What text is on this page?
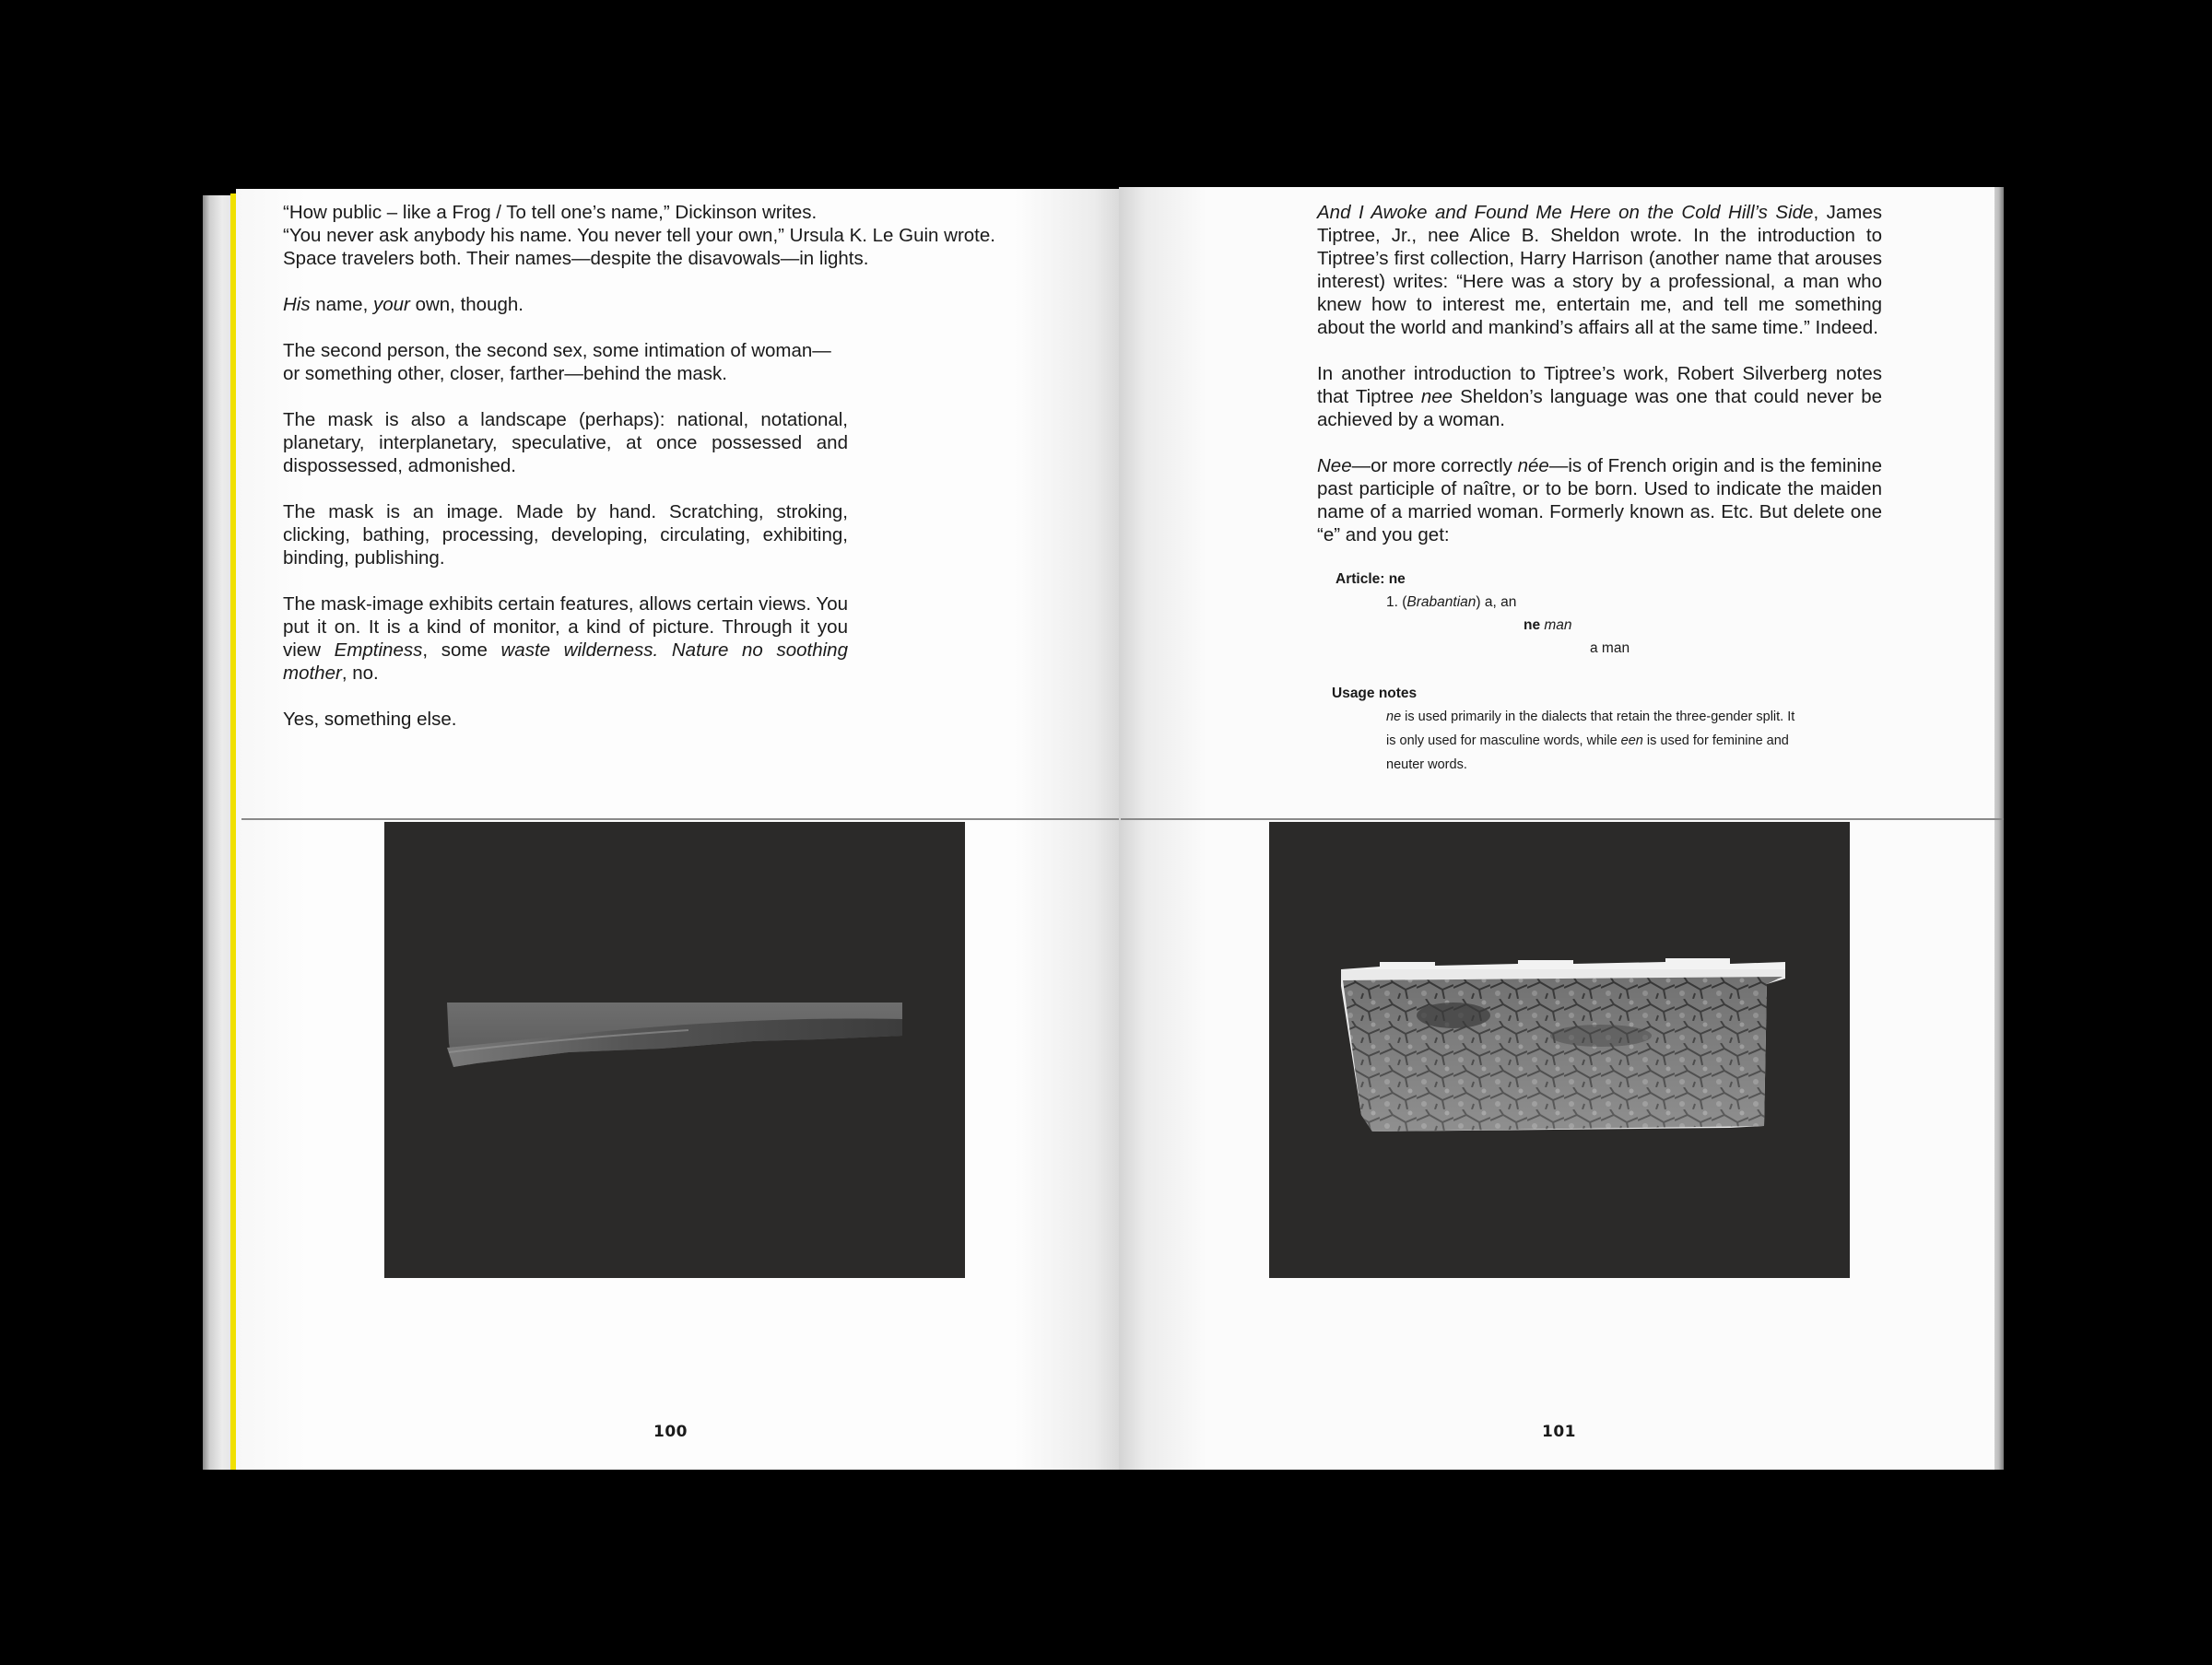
“How public – like a Frog / To tell one’s name,” Dickinson writes.
“You never ask anybody his name. You never tell your own,” Ursula K. Le Guin wrote.
Space travelers both. Their names—despite the disavowals—in lights.

His name, your own, though.

The second person, the second sex, some intimation of woman—or something other, closer, farther—behind the mask.

The mask is also a landscape (perhaps): national, notational, planetary, interplanetary, speculative, at once possessed and dispossessed, admonished.

The mask is an image. Made by hand. Scratching, stroking, clicking, bathing, processing, developing, circulating, exhibiting, binding, publishing.

The mask-image exhibits certain features, allows certain views. You put it on. It is a kind of monitor, a kind of picture. Through it you view Emptiness, some waste wilderness. Nature no soothing mother, no.

Yes, something else.

100

And I Awoke and Found Me Here on the Cold Hill’s Side, James Tiptree, Jr., nee Alice B. Sheldon wrote. In the introduction to Tiptree’s first collection, Harry Harrison (another name that arouses interest) writes: “Here was a story by a professional, a man who knew how to interest me, entertain me, and tell me something about the world and mankind’s affairs all at the same time.” Indeed.

In another introduction to Tiptree’s work, Robert Silverberg notes that Tiptree nee Sheldon’s language was one that could never be achieved by a woman.

Nee—or more correctly née—is of French origin and is the feminine past participle of naître, or to be born. Used to indicate the maiden name of a married woman. Formerly known as. Etc. But delete one “e” and you get:

Article: ne
1. (Brabantian) a, an
ne man
a man
Usage notes
ne is used primarily in the dialects that retain the three-gender split. It is only used for masculine words, while een is used for feminine and neuter words.
101
